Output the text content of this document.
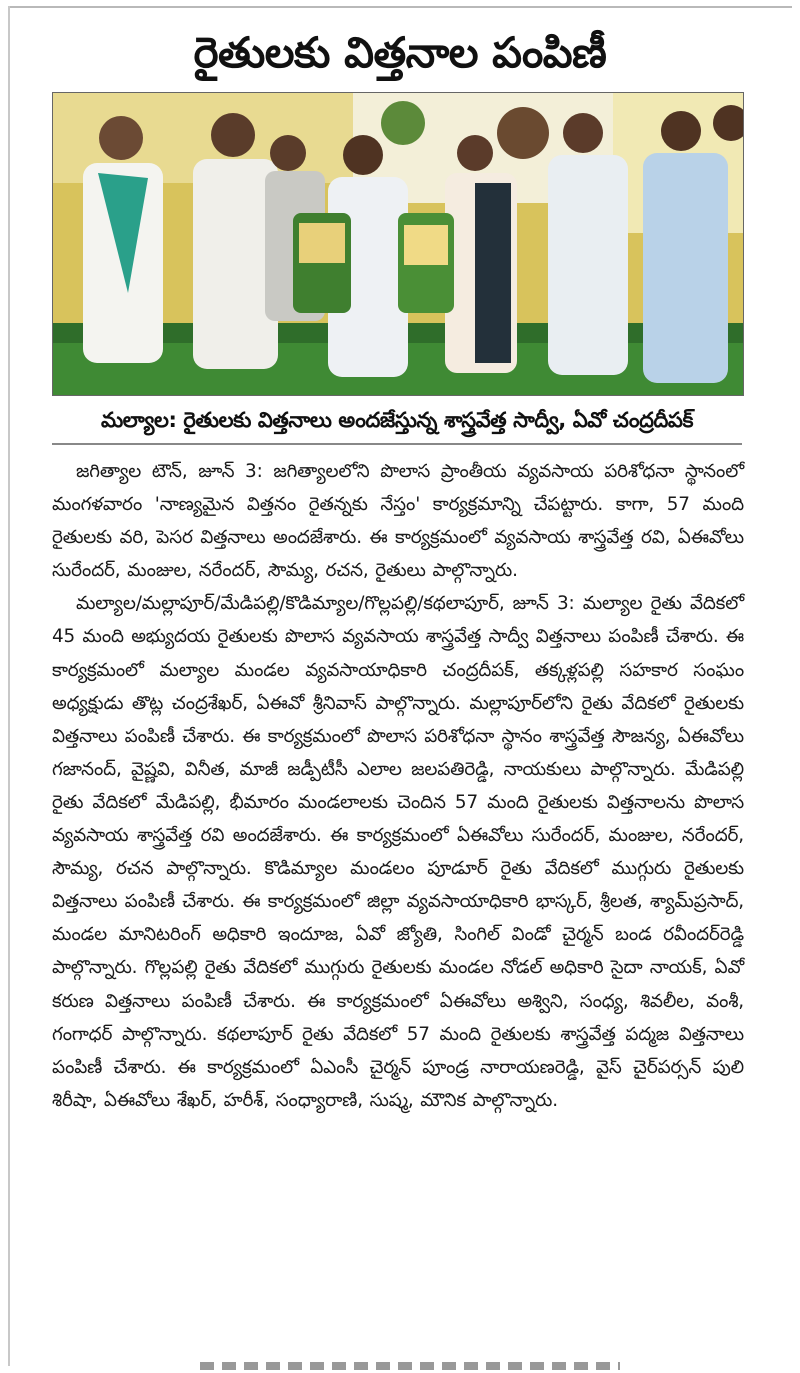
రైతులకు విత్తనాల పంపిణీ
మల్యాల: రైతులకు విత్తనాలు అందజేస్తున్న శాస్త్రవేత్త సాద్వీ, ఏవో చంద్రదీపక్

జగిత్యాల టౌన్‌, జూన్‌ 3: జగిత్యాలలోని పొలాస ప్రాంతీయ వ్యవసాయ పరిశోధనా స్థానంలో మంగళవారం 'నాణ్యమైన విత్తనం రైతన్నకు నేస్తం' కార్యక్రమాన్ని చేపట్టారు. కాగా, 57 మంది రైతులకు వరి, పెసర విత్తనాలు అందజేశారు. ఈ కార్యక్రమంలో వ్యవసాయ శాస్త్రవేత్త రవి, ఏఈవోలు సురేందర్‌, మంజుల, నరేందర్‌, సౌమ్య, రచన, రైతులు పాల్గొన్నారు.

మల్యాల/మల్లాపూర్‌/మేడిపల్లి/కొడిమ్యాల/గొల్లపల్లి/కథలాపూర్‌, జూన్‌ 3: మల్యాల రైతు వేదికలో 45 మంది అభ్యుదయ రైతులకు పొలాస వ్యవసాయ శాస్త్రవేత్త సాద్వీ విత్తనాలు పంపిణీ చేశారు. ఈ కార్యక్రమంలో మల్యాల మండల వ్యవసాయాధికారి చంద్రదీపక్‌, తక్కళ్లపల్లి సహకార సంఘం అధ్యక్షుడు తొట్ల చంద్రశేఖర్‌, ఏఈవో శ్రీనివాస్‌ పాల్గొన్నారు. మల్లాపూర్‌లోని రైతు వేదికలో రైతులకు విత్తనాలు పంపిణీ చేశారు. ఈ కార్యక్రమంలో పొలాస పరిశోధనా స్థానం శాస్త్రవేత్త సౌజన్య, ఏఈవోలు గజానంద్‌, వైష్ణవి, వినీత, మాజీ జడ్పీటీసీ ఎలాల జలపతిరెడ్డి, నాయకులు పాల్గొన్నారు. మేడిపల్లి రైతు వేదికలో మేడిపల్లి, భీమారం మండలాలకు చెందిన 57 మంది రైతులకు విత్తనాలను పొలాస వ్యవసాయ శాస్త్రవేత్త రవి అందజేశారు. ఈ కార్యక్రమంలో ఏఈవోలు సురేందర్‌, మంజుల, నరేందర్‌, సౌమ్య, రచన పాల్గొన్నారు. కొడిమ్యాల మండలం పూడూర్‌ రైతు వేదికలో ముగ్గురు రైతులకు విత్తనాలు పంపిణీ చేశారు. ఈ కార్యక్రమంలో జిల్లా వ్యవసాయాధికారి భాస్కర్‌, శ్రీలత, శ్యామ్‌ప్రసాద్‌, మండల మానిటరింగ్‌ అధికారి ఇందూజ, ఏవో జ్యోతి, సింగిల్‌ విండో చైర్మన్‌ బండ రవీందర్‌రెడ్డి పాల్గొన్నారు. గొల్లపల్లి రైతు వేదికలో ముగ్గురు రైతులకు మండల నోడల్‌ అధికారి సైదా నాయక్‌, ఏవో కరుణ విత్తనాలు పంపిణీ చేశారు. ఈ కార్యక్రమంలో ఏఈవోలు అశ్విని, సంధ్య, శివలీల, వంశీ, గంగాధర్‌ పాల్గొన్నారు. కథలాపూర్‌ రైతు వేదికలో 57 మంది రైతులకు శాస్త్రవేత్త పద్మజ విత్తనాలు పంపిణీ చేశారు. ఈ కార్యక్రమంలో ఏఎంసీ చైర్మన్‌ పూండ్ర నారాయణరెడ్డి, వైస్‌ చైర్‌పర్సన్‌ పులి శిరీషా, ఏఈవోలు శేఖర్‌, హరీశ్‌, సంధ్యారాణి, సుష్మ, మౌనిక పాల్గొన్నారు.
